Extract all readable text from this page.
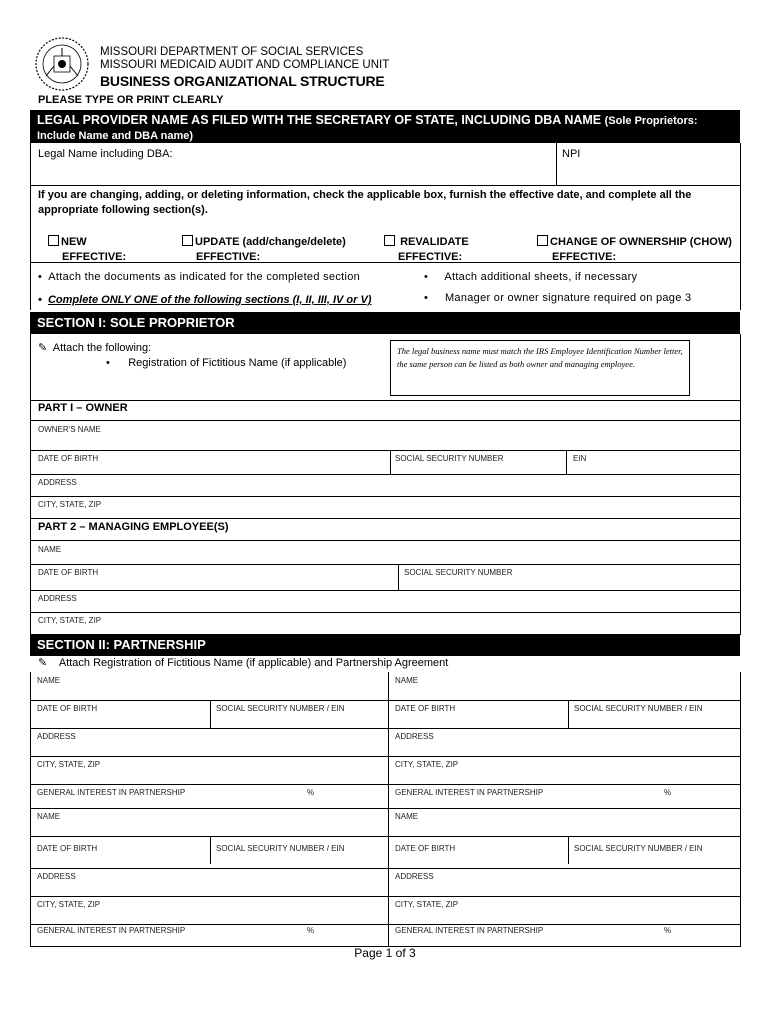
MISSOURI DEPARTMENT OF SOCIAL SERVICES
MISSOURI MEDICAID AUDIT AND COMPLIANCE UNIT
BUSINESS ORGANIZATIONAL STRUCTURE
PLEASE TYPE OR PRINT CLEARLY
LEGAL PROVIDER NAME AS FILED WITH THE SECRETARY OF STATE, INCLUDING DBA NAME (Sole Proprietors: Include Name and DBA name)
Legal Name including DBA:	NPI
If you are changing, adding, or deleting information, check the applicable box, furnish the effective date, and complete all the appropriate following section(s).
NEW
EFFECTIVE:
UPDATE (add/change/delete)
EFFECTIVE:
REVALIDATE
EFFECTIVE:
CHANGE OF OWNERSHIP (CHOW)
EFFECTIVE:
•  Attach the documents as indicated for the completed section	•     Attach additional sheets, if necessary
•  Complete ONLY ONE of the following sections (I, II, III, IV or V)	•     Manager or owner signature required on page 3
SECTION I: SOLE PROPRIETOR
✎ Attach the following:
•      Registration of Fictitious Name (if applicable)
The legal business name must match the IRS Employee Identification Number letter, the same person can be listed as both owner and managing employee.
PART I – OWNER
OWNER'S NAME
DATE OF BIRTH	SOCIAL SECURITY NUMBER	EIN
ADDRESS
CITY, STATE, ZIP
PART 2 – MANAGING EMPLOYEE(S)
NAME
DATE OF BIRTH	SOCIAL SECURITY NUMBER
ADDRESS
CITY, STATE, ZIP
SECTION II: PARTNERSHIP
✎ Attach Registration of Fictitious Name (if applicable) and Partnership Agreement
NAME
DATE OF BIRTH	SOCIAL SECURITY NUMBER / EIN
ADDRESS
CITY, STATE, ZIP
GENERAL INTEREST IN PARTNERSHIP	%
NAME
DATE OF BIRTH	SOCIAL SECURITY NUMBER / EIN
ADDRESS
CITY, STATE, ZIP
GENERAL INTEREST IN PARTNERSHIP	%
NAME
DATE OF BIRTH	SOCIAL SECURITY NUMBER / EIN
ADDRESS
CITY, STATE, ZIP
GENERAL INTEREST IN PARTNERSHIP	%
NAME
DATE OF BIRTH	SOCIAL SECURITY NUMBER / EIN
ADDRESS
CITY, STATE, ZIP
GENERAL INTEREST IN PARTNERSHIP	%
Page 1 of 3
